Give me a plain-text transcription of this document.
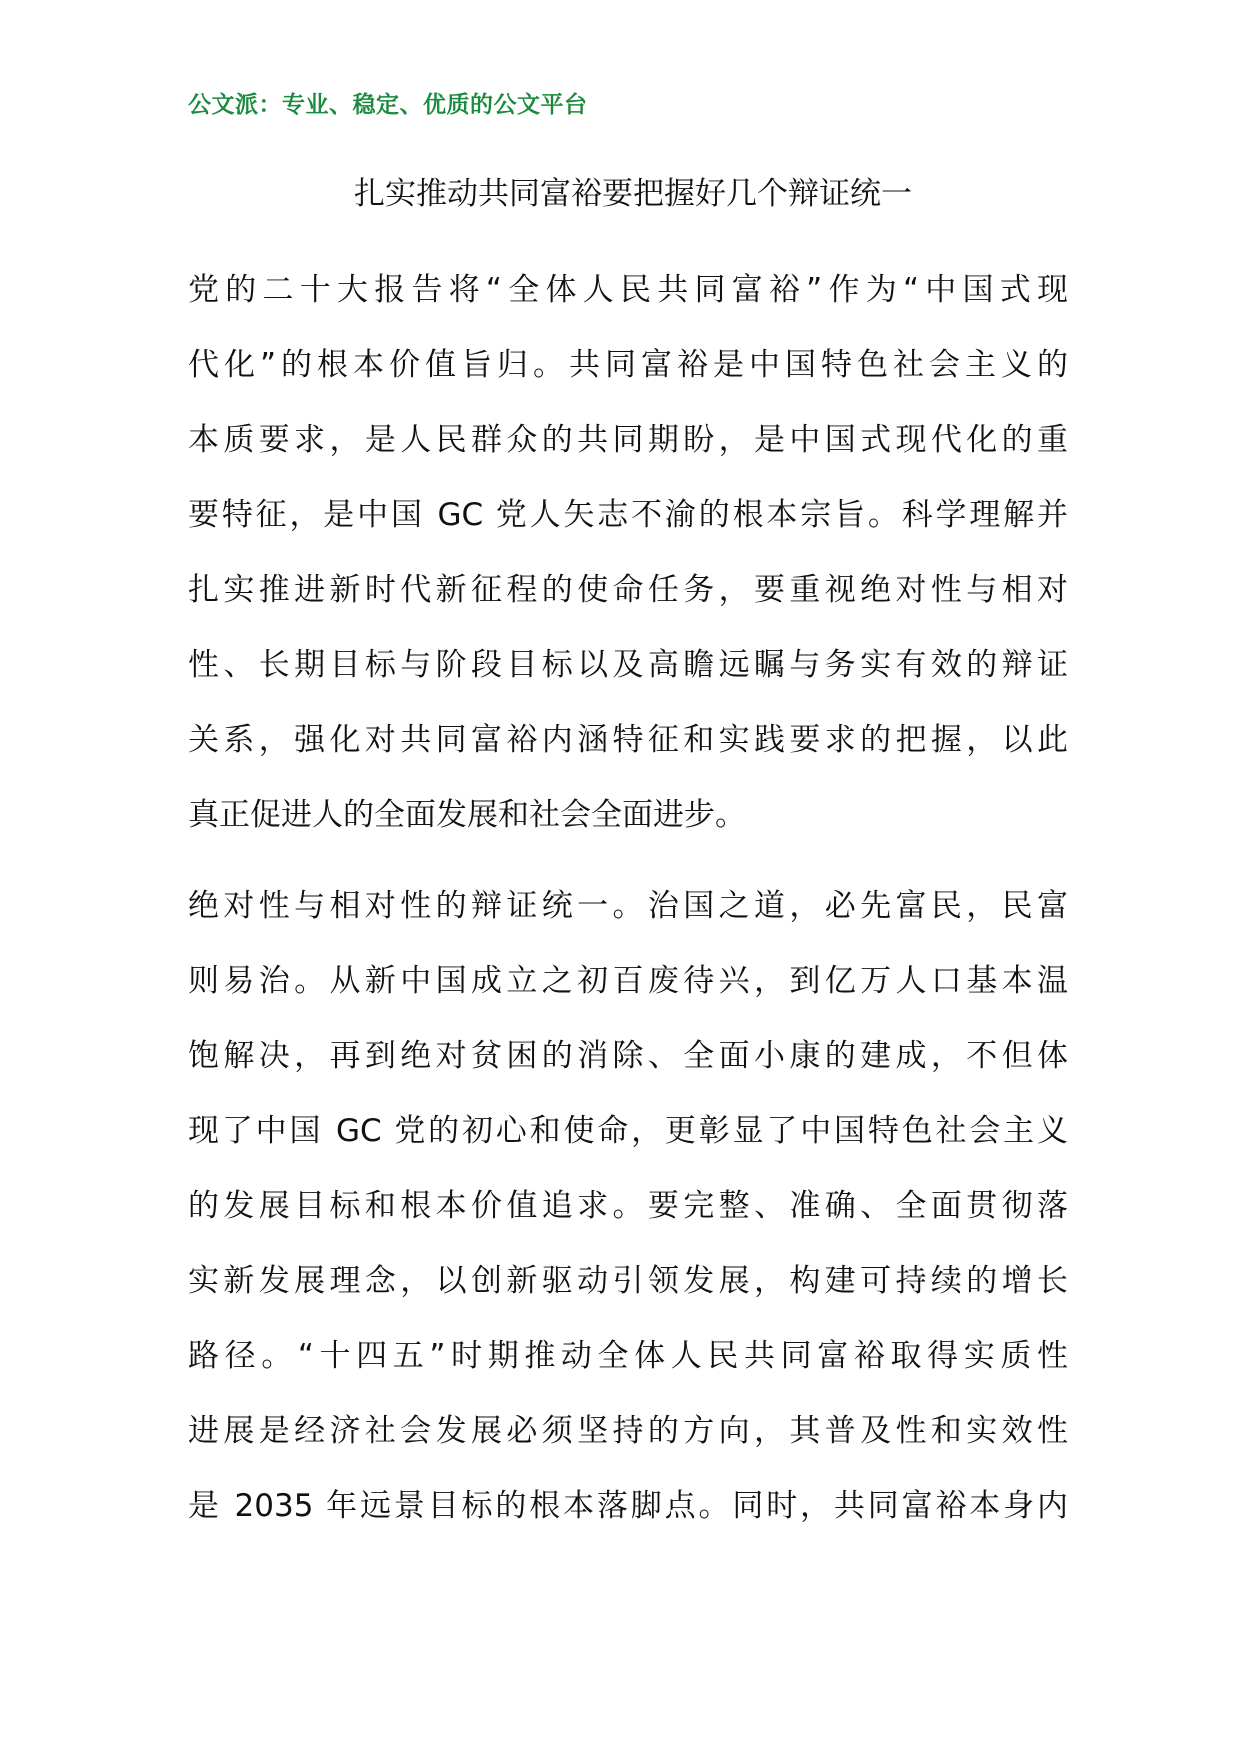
公文派：专业、稳定、优质的公文平台
扎实推动共同富裕要把握好几个辩证统一
党的二十大报告将“全体人民共同富裕”作为“中国式现
代化”的根本价值旨归。共同富裕是中国特色社会主义的
本质要求，是人民群众的共同期盼，是中国式现代化的重
要特征，是中国 GC 党人矢志不渝的根本宗旨。科学理解并
扎实推进新时代新征程的使命任务，要重视绝对性与相对
性、长期目标与阶段目标以及高瞻远瞩与务实有效的辩证
关系，强化对共同富裕内涵特征和实践要求的把握，以此
真正促进人的全面发展和社会全面进步。
绝对性与相对性的辩证统一。治国之道，必先富民，民富
则易治。从新中国成立之初百废待兴，到亿万人口基本温
饱解决，再到绝对贫困的消除、全面小康的建成，不但体
现了中国 GC 党的初心和使命，更彰显了中国特色社会主义
的发展目标和根本价值追求。要完整、准确、全面贯彻落
实新发展理念，以创新驱动引领发展，构建可持续的增长
路径。“十四五”时期推动全体人民共同富裕取得实质性
进展是经济社会发展必须坚持的方向，其普及性和实效性
是 2035 年远景目标的根本落脚点。同时，共同富裕本身内
